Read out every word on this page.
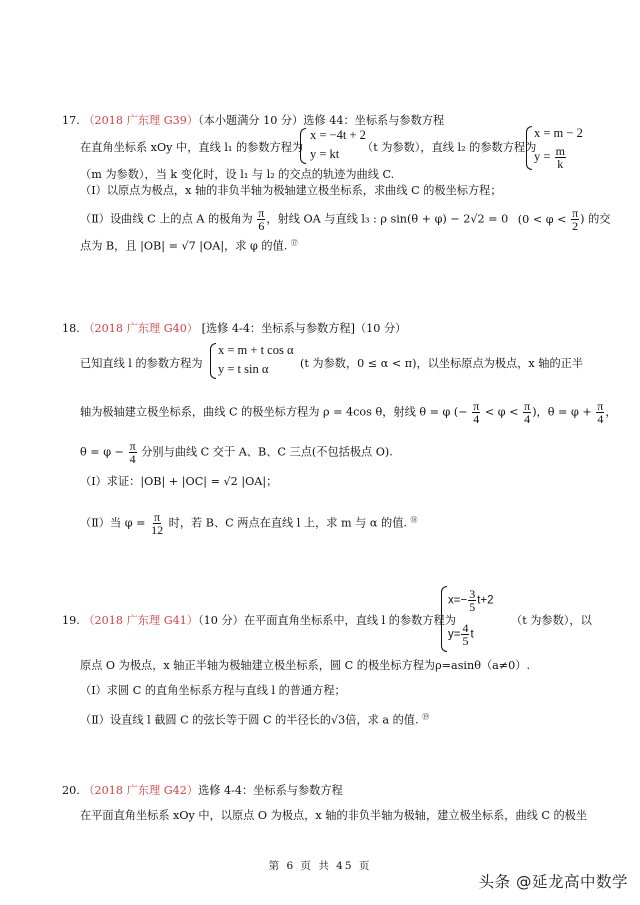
17. （2018 广东理 G39）（本小题满分 10 分）选修 44：坐标系与参数方程
在直角坐标系 xOy 中，直线 l₁ 的参数方程为
x = −4t + 2
y = kt （t 为参数），直线 l₂ 的参数方程为
x = m − 2
$y = \frac{m}{k}$
（m 为参数），当 k 变化时，设 l₁ 与 l₂ 的交点的轨迹为曲线 C.
（Ⅰ）以原点为极点，x 轴的非负半轴为极轴建立极坐标系，求曲线 C 的极坐标方程；
（Ⅱ）设曲线 C 上的点 A 的极角为 $\frac{\pi}{6}$ ，射线 OA 与直线 l₃ : ρ sin(θ + φ) − 2√2 = 0 ($0 < \varphi < \frac{\pi}{2}$ ) 的交
点为 B，且 |OB| = √7 |OA|，求 φ 的值. ⑰
18. （2018 广东理 G40） [选修 4-4：坐标系与参数方程]（10 分）
已知直线 l 的参数方程为
x = m + t cos α
y = t sin α	(t 为参数，0 ≤ α < π)，以坐标原点为极点，x 轴的正半
轴为极轴建立极坐标系，曲线 C 的极坐标方程为 ρ = 4cos θ，射线 θ = φ (− $\frac{\pi}{4} < \varphi < \frac{\pi}{4}$ )，$\theta = \varphi + \frac{\pi}{4}$ ，
$\theta = \varphi - \frac{\pi}{4}$ 分别与曲线 C 交于 A、B、C 三点(不包括极点 O).
（Ⅰ）求证：|OB| + |OC| = √2 |OA|；
（Ⅱ）当 $\varphi = \frac{\pi}{12}$ 时，若 B、C 两点在直线 l 上，求 m 与 α 的值. ⑱
19. （2018 广东理 G41）（10 分）在平面直角坐标系中，直线 l 的参数方程为
$x=- \frac{3}{5} t+2$
$y= \frac{4}{5}$ t
（t 为参数），以
原点 O 为极点，x 轴正半轴为极轴建立极坐标系，圆 C 的极坐标方程为ρ=asinθ（a≠0）.
（Ⅰ）求圆 C 的直角坐标系方程与直线 l 的普通方程；
（Ⅱ）设直线 l 截圆 C 的弦长等于圆 C 的半径长的√3倍，求 a 的值. ⑲
20. （2018 广东理 G42）选修 4-4：坐标系与参数方程
在平面直角坐标系 xOy 中，以原点 O 为极点，x 轴的非负半轴为极轴，建立极坐标系，曲线 C 的极坐
第 6 页 共 45 页
头条 @延龙高中数学
